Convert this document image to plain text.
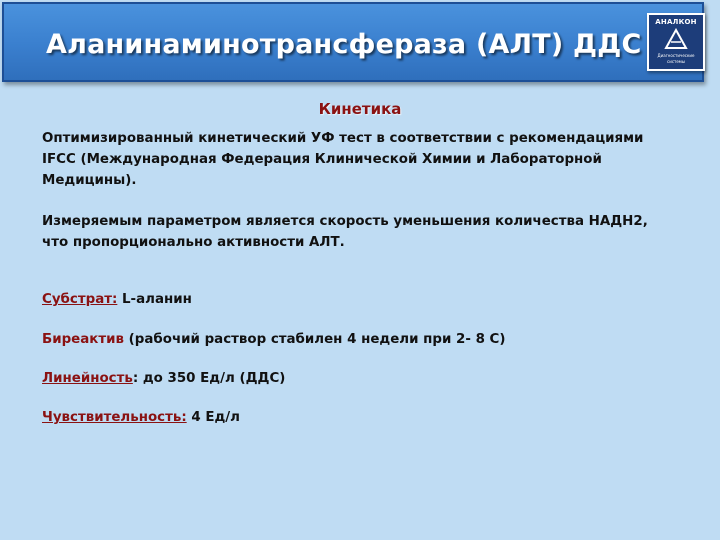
Аланинаминотрансфераза (АЛТ) ДДС
АНАЛКОН
Диагностические
системы
Кинетика
Оптимизированный кинетический УФ тест в соответствии с рекомендациями
IFCC (Международная Федерация Клинической Химии и Лабораторной
Медицины).
Измеряемым параметром является скорость уменьшения количества НАДН2,
что пропорционально активности АЛТ.
Субстрат: L-аланин
Биреактив (рабочий раствор стабилен 4 недели при 2- 8 С)
Линейность: до 350 Ед/л (ДДС)
Чувствительность: 4 Ед/л
